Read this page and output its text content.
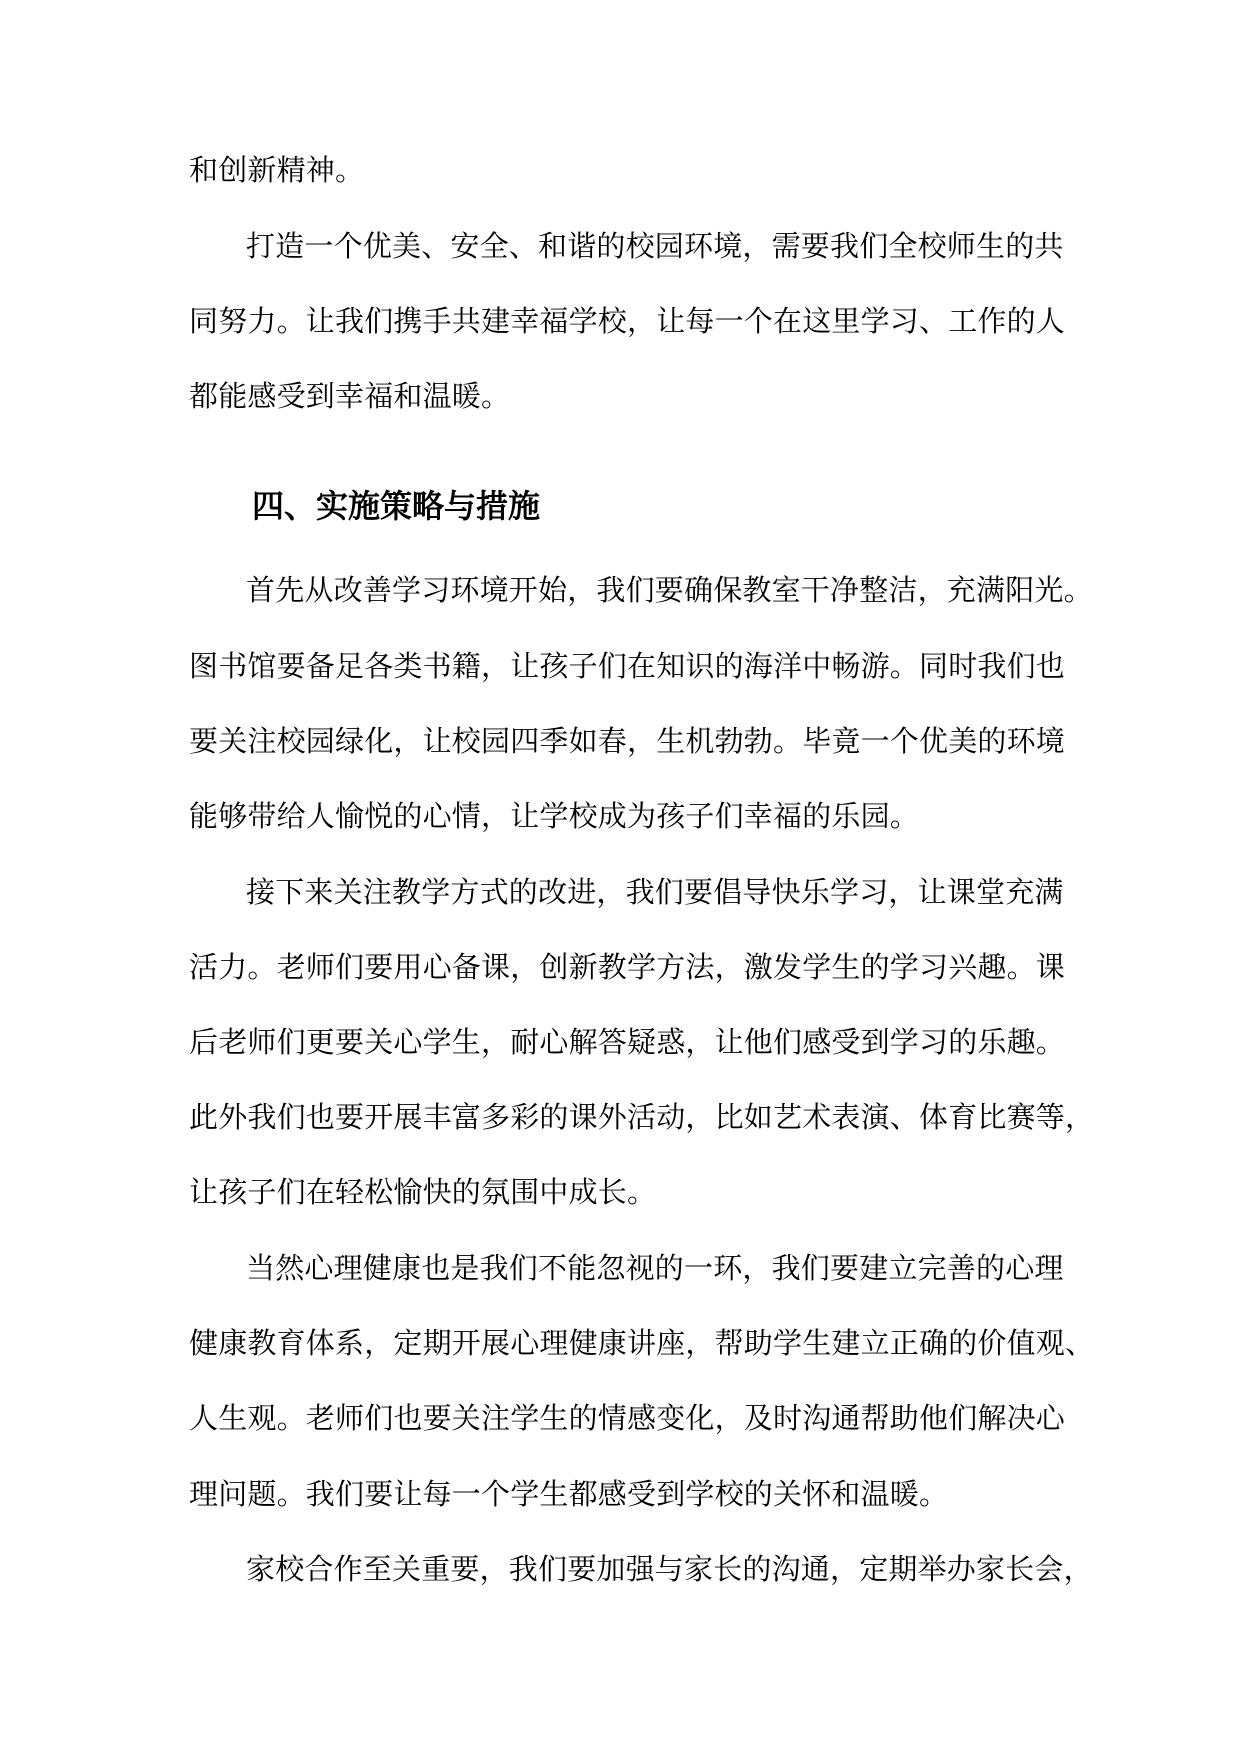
和创新精神。
打造一个优美、安全、和谐的校园环境，需要我们全校师生的共
同努力。让我们携手共建幸福学校，让每一个在这里学习、工作的人
都能感受到幸福和温暖。
四、实施策略与措施
首先从改善学习环境开始，我们要确保教室干净整洁，充满阳光。
图书馆要备足各类书籍，让孩子们在知识的海洋中畅游。同时我们也
要关注校园绿化，让校园四季如春，生机勃勃。毕竟一个优美的环境
能够带给人愉悦的心情，让学校成为孩子们幸福的乐园。
接下来关注教学方式的改进，我们要倡导快乐学习，让课堂充满
活力。老师们要用心备课，创新教学方法，激发学生的学习兴趣。课
后老师们更要关心学生，耐心解答疑惑，让他们感受到学习的乐趣。
此外我们也要开展丰富多彩的课外活动，比如艺术表演、体育比赛等，
让孩子们在轻松愉快的氛围中成长。
当然心理健康也是我们不能忽视的一环，我们要建立完善的心理
健康教育体系，定期开展心理健康讲座，帮助学生建立正确的价值观、
人生观。老师们也要关注学生的情感变化，及时沟通帮助他们解决心
理问题。我们要让每一个学生都感受到学校的关怀和温暖。
家校合作至关重要，我们要加强与家长的沟通，定期举办家长会，
